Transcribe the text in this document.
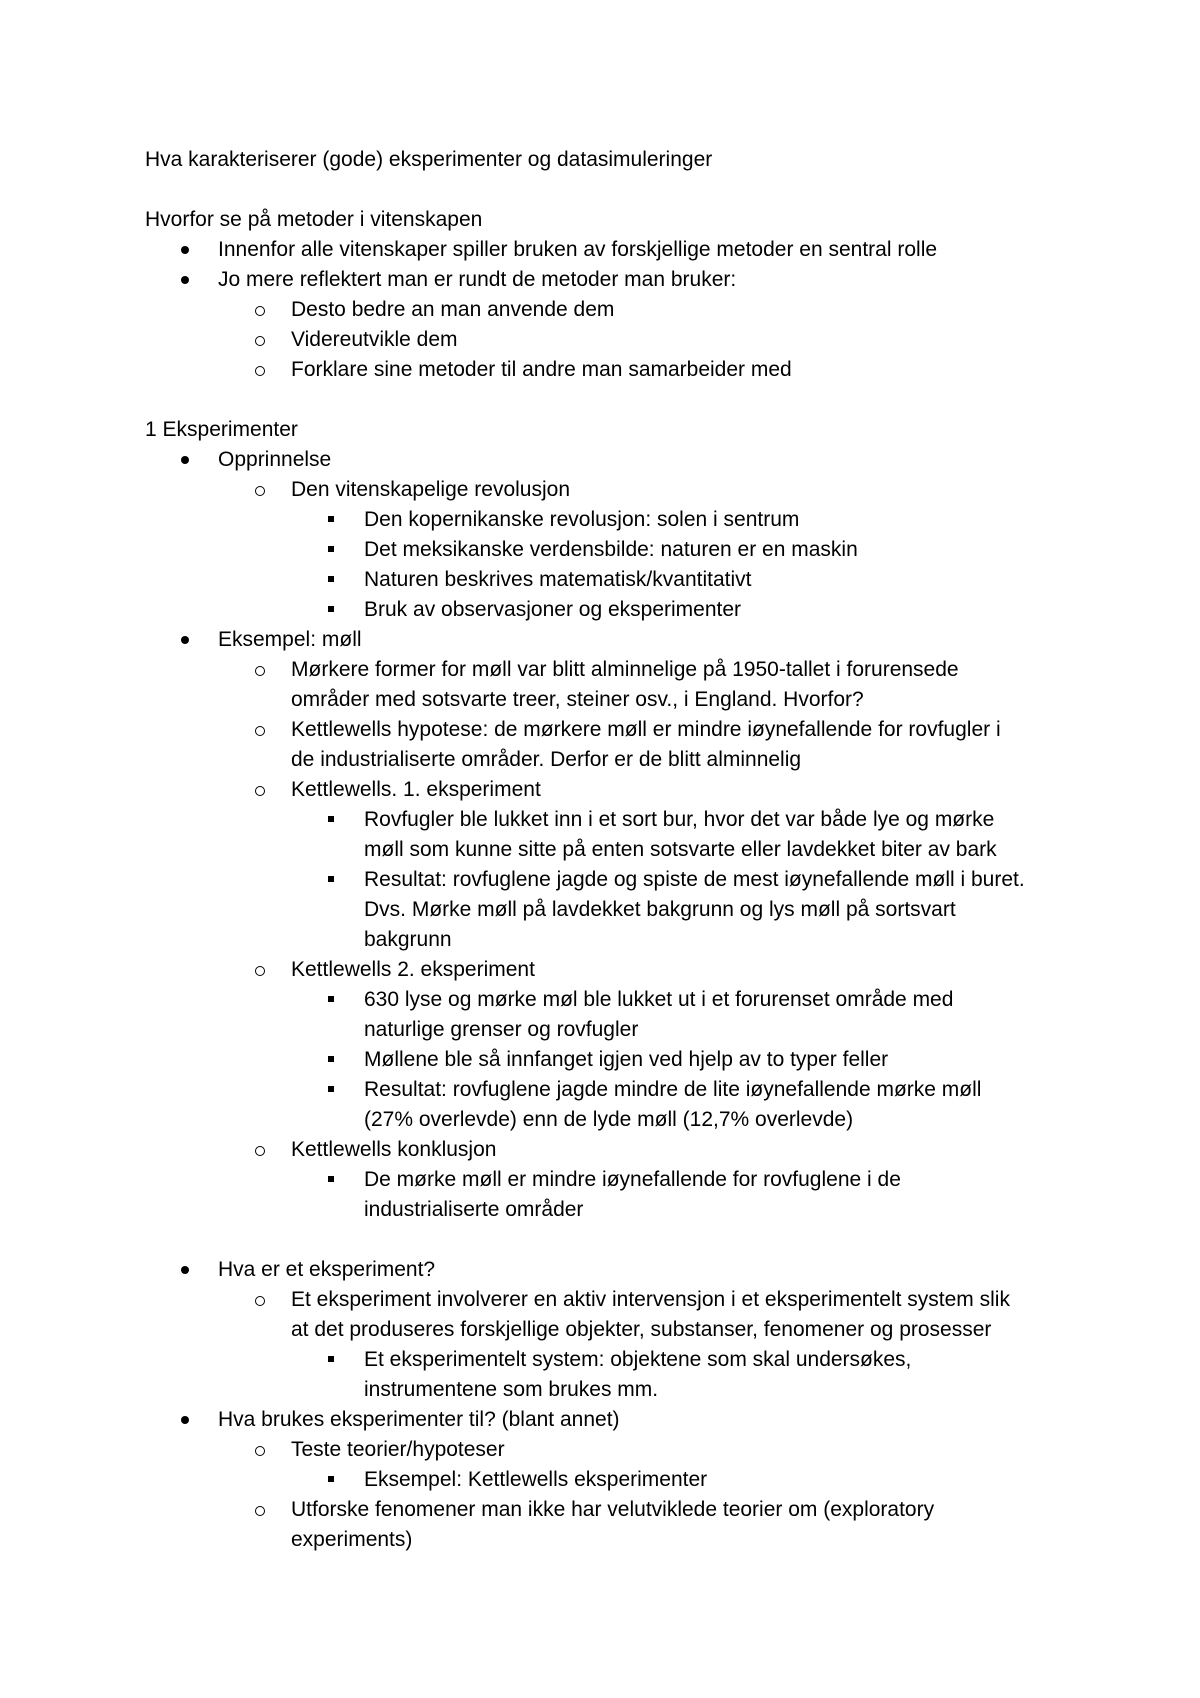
Hva karakteriserer (gode) eksperimenter og datasimuleringer

Hvorfor se på metoder i vitenskapen

Innenfor alle vitenskaper spiller bruken av forskjellige metoder en sentral rolle
Jo mere reflektert man er rundt de metoder man bruker:
Desto bedre an man anvende dem
Videreutvikle dem
Forklare sine metoder til andre man samarbeider med

1 Eksperimenter

Opprinnelse
Den vitenskapelige revolusjon
Den kopernikanske revolusjon: solen i sentrum
Det meksikanske verdensbilde: naturen er en maskin
Naturen beskrives matematisk/kvantitativt
Bruk av observasjoner og eksperimenter
Eksempel: møll
Mørkere former for møll var blitt alminnelige på 1950-tallet i forurensede
områder med sotsvarte treer, steiner osv., i England. Hvorfor?
Kettlewells hypotese: de mørkere møll er mindre iøynefallende for rovfugler i
de industrialiserte områder. Derfor er de blitt alminnelig
Kettlewells. 1. eksperiment
Rovfugler ble lukket inn i et sort bur, hvor det var både lye og mørke
møll som kunne sitte på enten sotsvarte eller lavdekket biter av bark
Resultat: rovfuglene jagde og spiste de mest iøynefallende møll i buret.
Dvs. Mørke møll på lavdekket bakgrunn og lys møll på sortsvart
bakgrunn
Kettlewells 2. eksperiment
630 lyse og mørke møl ble lukket ut i et forurenset område med
naturlige grenser og rovfugler
Møllene ble så innfanget igjen ved hjelp av to typer feller
Resultat: rovfuglene jagde mindre de lite iøynefallende mørke møll
(27% overlevde) enn de lyde møll (12,7% overlevde)
Kettlewells konklusjon
De mørke møll er mindre iøynefallende for rovfuglene i de
industrialiserte områder
Hva er et eksperiment?
Et eksperiment involverer en aktiv intervensjon i et eksperimentelt system slik
at det produseres forskjellige objekter, substanser, fenomener og prosesser
Et eksperimentelt system: objektene som skal undersøkes,
instrumentene som brukes mm.
Hva brukes eksperimenter til? (blant annet)
Teste teorier/hypoteser
Eksempel: Kettlewells eksperimenter
Utforske fenomener man ikke har velutviklede teorier om (exploratory
experiments)
